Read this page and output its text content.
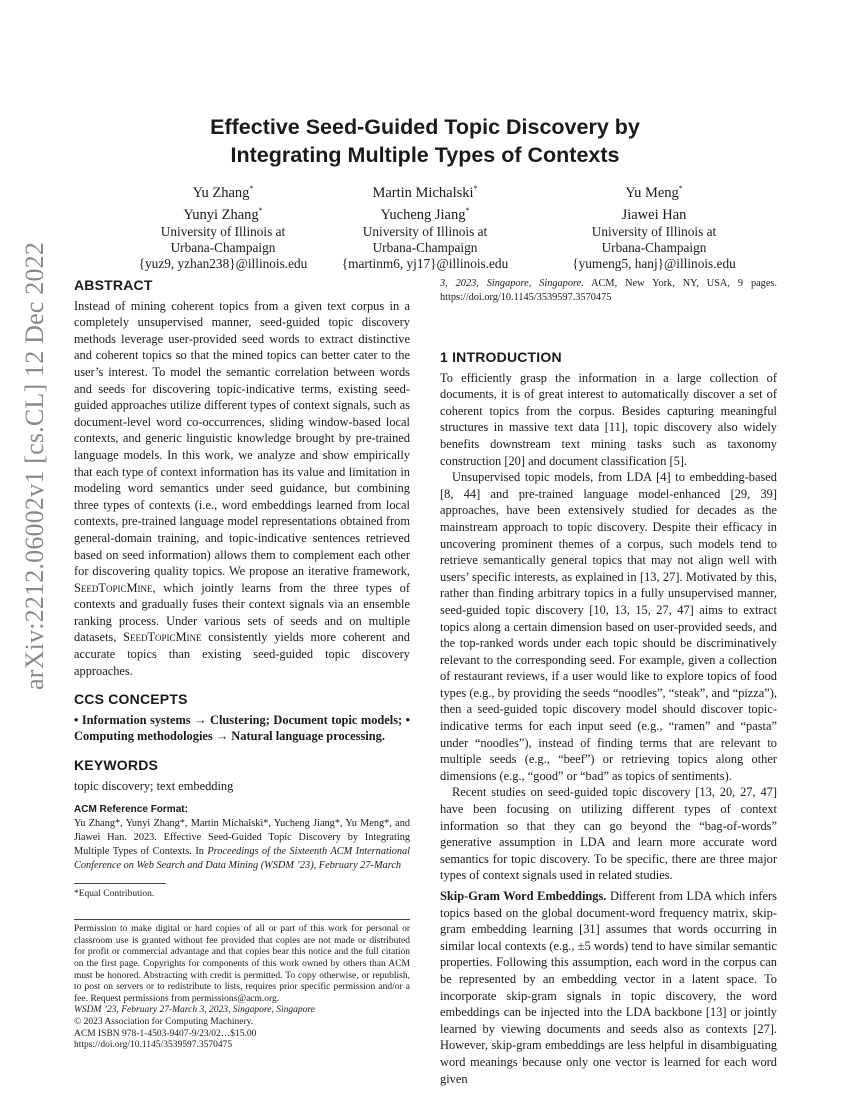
Effective Seed-Guided Topic Discovery by
Integrating Multiple Types of Contexts
Yu Zhang*
Yunyi Zhang*
University of Illinois at
Urbana-Champaign
{yuz9, yzhan238}@illinois.edu
Martin Michalski*
Yucheng Jiang*
University of Illinois at
Urbana-Champaign
{martinm6, yj17}@illinois.edu
Yu Meng*
Jiawei Han
University of Illinois at
Urbana-Champaign
{yumeng5, hanj}@illinois.edu
arXiv:2212.06002v1 [cs.CL] 12 Dec 2022 ABSTRACT

Instead of mining coherent topics from a given text corpus in a completely unsupervised manner, seed-guided topic discovery methods leverage user-provided seed words to extract distinctive and coherent topics so that the mined topics can better cater to the user’s interest. To model the semantic correlation between words and seeds for discovering topic-indicative terms, existing seed-guided approaches utilize different types of context signals, such as document-level word co-occurrences, sliding window-based local contexts, and generic linguistic knowledge brought by pre-trained language models. In this work, we analyze and show empirically that each type of context information has its value and limitation in modeling word semantics under seed guidance, but combining three types of contexts (i.e., word embeddings learned from local contexts, pre-trained language model representations obtained from general-domain training, and topic-indicative sentences retrieved based on seed information) allows them to complement each other for discovering quality topics. We propose an iterative framework, SeedTopicMine, which jointly learns from the three types of contexts and gradually fuses their context signals via an ensemble ranking process. Under various sets of seeds and on multiple datasets, SeedTopicMine consistently yields more coherent and accurate topics than existing seed-guided topic discovery approaches.

CCS CONCEPTS
• Information systems → Clustering; Document topic models; • Computing methodologies → Natural language processing.
KEYWORDS

topic discovery; text embedding

ACM Reference Format:

Yu Zhang*, Yunyi Zhang*, Martin Michalski*, Yucheng Jiang*, Yu Meng*, and Jiawei Han. 2023. Effective Seed-Guided Topic Discovery by Integrating Multiple Types of Contexts. In Proceedings of the Sixteenth ACM International Conference on Web Search and Data Mining (WSDM ’23), February 27-March

*Equal Contribution.

Permission to make digital or hard copies of all or part of this work for personal or classroom use is granted without fee provided that copies are not made or distributed for profit or commercial advantage and that copies bear this notice and the full citation on the first page. Copyrights for components of this work owned by others than ACM must be honored. Abstracting with credit is permitted. To copy otherwise, or republish, to post on servers or to redistribute to lists, requires prior specific permission and/or a fee. Request permissions from permissions@acm.org.

WSDM ’23, February 27-March 3, 2023, Singapore, Singapore

© 2023 Association for Computing Machinery.

ACM ISBN 978-1-4503-9407-9/23/02…$15.00

https://doi.org/10.1145/3539597.3570475

3, 2023, Singapore, Singapore. ACM, New York, NY, USA, 9 pages. https://doi.org/10.1145/3539597.3570475

1 INTRODUCTION

To efficiently grasp the information in a large collection of documents, it is of great interest to automatically discover a set of coherent topics from the corpus. Besides capturing meaningful structures in massive text data [11], topic discovery also widely benefits downstream text mining tasks such as taxonomy construction [20] and document classification [5].

Unsupervised topic models, from LDA [4] to embedding-based [8, 44] and pre-trained language model-enhanced [29, 39] approaches, have been extensively studied for decades as the mainstream approach to topic discovery. Despite their efficacy in uncovering prominent themes of a corpus, such models tend to retrieve semantically general topics that may not align well with users’ specific interests, as explained in [13, 27]. Motivated by this, rather than finding arbitrary topics in a fully unsupervised manner, seed-guided topic discovery [10, 13, 15, 27, 47] aims to extract topics along a certain dimension based on user-provided seeds, and the top-ranked words under each topic should be discriminatively relevant to the corresponding seed. For example, given a collection of restaurant reviews, if a user would like to explore topics of food types (e.g., by providing the seeds “noodles”, “steak”, and “pizza”), then a seed-guided topic discovery model should discover topic-indicative terms for each input seed (e.g., “ramen” and “pasta” under “noodles”), instead of finding terms that are relevant to multiple seeds (e.g., “beef”) or retrieving topics along other dimensions (e.g., “good” or “bad” as topics of sentiments).

Recent studies on seed-guided topic discovery [13, 20, 27, 47] have been focusing on utilizing different types of context information so that they can go beyond the “bag-of-words” generative assumption in LDA and learn more accurate word semantics for topic discovery. To be specific, there are three major types of context signals used in related studies.

Skip-Gram Word Embeddings. Different from LDA which infers topics based on the global document-word frequency matrix, skip-gram embedding learning [31] assumes that words occurring in similar local contexts (e.g., ±5 words) tend to have similar semantic properties. Following this assumption, each word in the corpus can be represented by an embedding vector in a latent space. To incorporate skip-gram signals in topic discovery, the word embeddings can be injected into the LDA backbone [13] or jointly learned by viewing documents and seeds also as contexts [27]. However, skip-gram embeddings are less helpful in disambiguating word meanings because only one vector is learned for each word given
